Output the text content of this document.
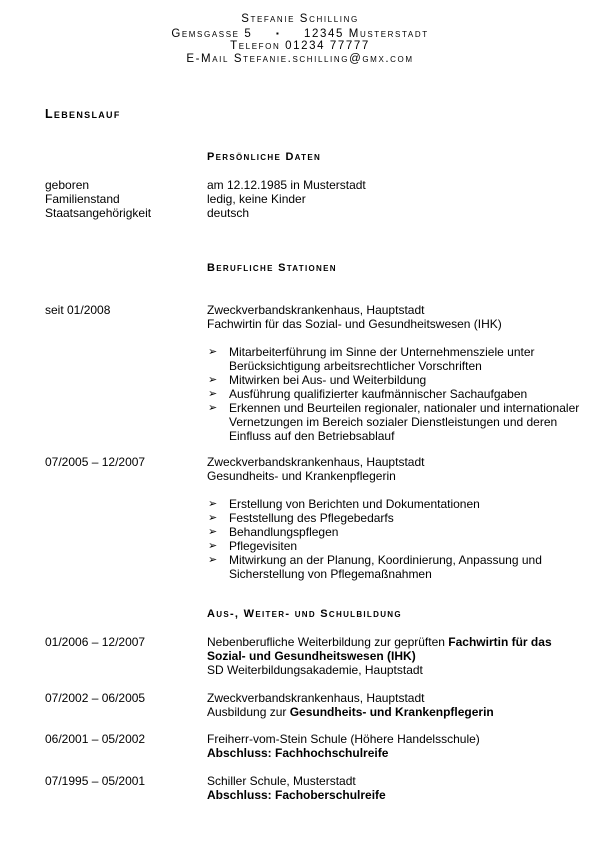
Stefanie Schilling
Gemsgasse 5	▪ 12345 Musterstadt
Telefon 01234 77777
E-Mail Stefanie.schilling@gmx.com
Lebenslauf
Persönliche Daten
geboren	am 12.12.1985 in Musterstadt
Familienstand	ledig, keine Kinder
Staatsangehörigkeit	deutsch
Berufliche Stationen
seit 01/2008	Zweckverbandskrankenhaus, Hauptstadt
Fachwirtin für das Sozial- und Gesundheitswesen (IHK)
➢ Mitarbeiterführung im Sinne der Unternehmensziele unter Berücksichtigung arbeitsrechtlicher Vorschriften
➢ Mitwirken bei Aus- und Weiterbildung
➢ Ausführung qualifizierter kaufmännischer Sachaufgaben
➢ Erkennen und Beurteilen regionaler, nationaler und internationaler Vernetzungen im Bereich sozialer Dienstleistungen und deren Einfluss auf den Betriebsablauf
07/2005 – 12/2007	Zweckverbandskrankenhaus, Hauptstadt
Gesundheits- und Krankenpflegerin
➢ Erstellung von Berichten und Dokumentationen
➢ Feststellung des Pflegebedarfs
➢ Behandlungspflegen
➢ Pflegevisiten
➢ Mitwirkung an der Planung, Koordinierung, Anpassung und Sicherstellung von Pflegemaßnahmen
Aus-, Weiter- und Schulbildung
01/2006 – 12/2007	Nebenberufliche Weiterbildung zur geprüften Fachwirtin für das
Sozial- und Gesundheitswesen (IHK)
SD Weiterbildungsakademie, Hauptstadt
07/2002 – 06/2005	Zweckverbandskrankenhaus, Hauptstadt
Ausbildung zur Gesundheits- und Krankenpflegerin
06/2001 – 05/2002	Freiherr-vom-Stein Schule (Höhere Handelsschule)
Abschluss: Fachhochschulreife
07/1995 – 05/2001	Schiller Schule, Musterstadt
Abschluss: Fachoberschulreife
